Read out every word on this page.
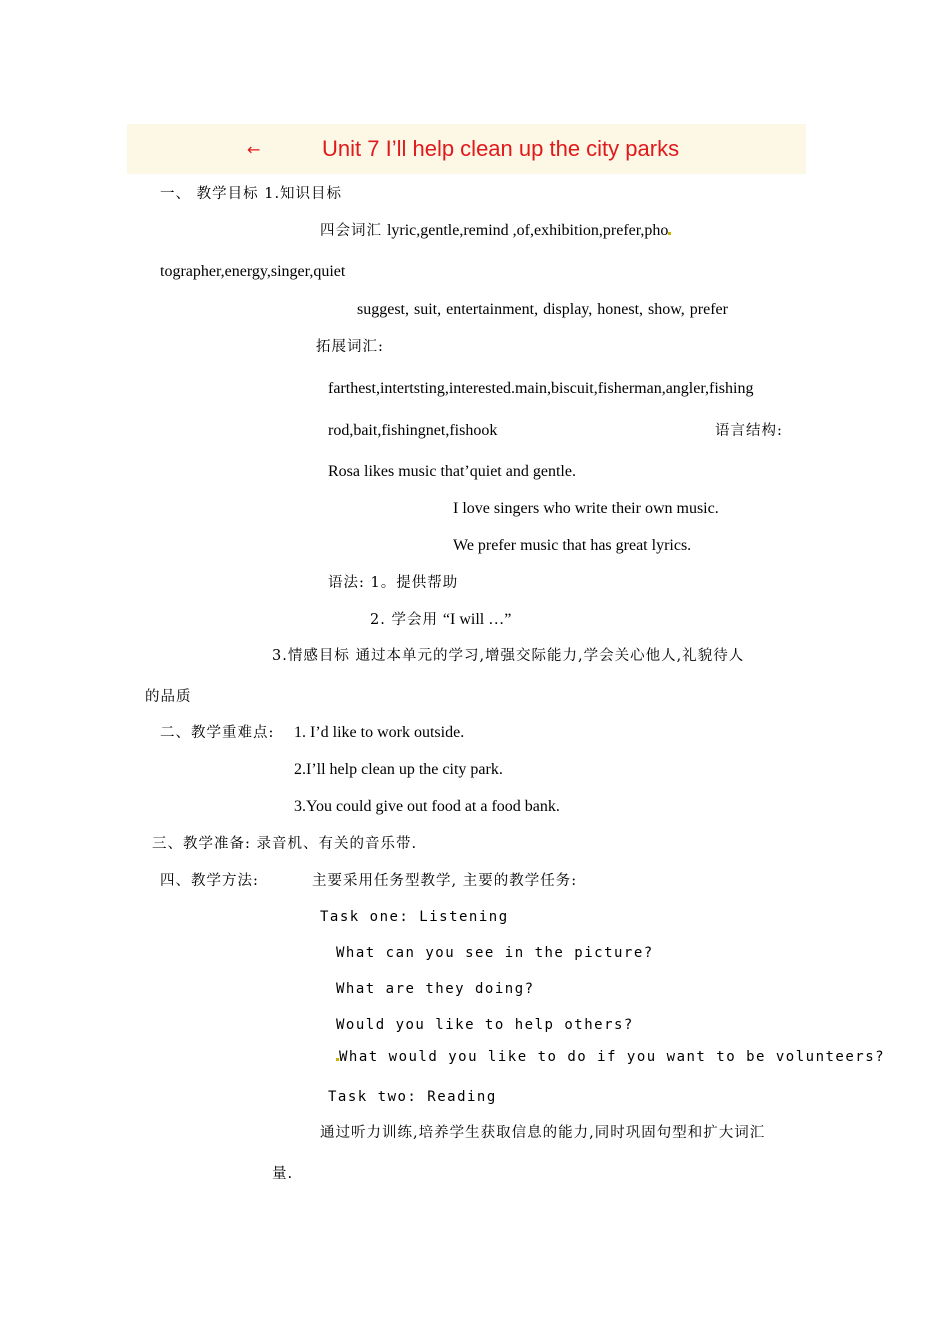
←	Unit 7 I’ll help clean up the city parks
一、 教学目标 1.知识目标
四会词汇 lyric,gentle,remind ,of,exhibition,prefer,pho
tographer,energy,singer,quiet
suggest, suit, entertainment, display, honest, show, prefer
拓展词汇:
farthest,intertsting,interested.main,biscuit,fisherman,angler,fishing
rod,bait,fishingnet,fishook	语言结构:
Rosa likes music that’quiet and gentle.
I love singers who write their own music.
We prefer music that has great lyrics.
语法: 1。提供帮助
2. 学会用 “I will …”
3.情感目标 通过本单元的学习,增强交际能力,学会关心他人,礼貌待人
的品质
二、教学重难点: 1. I’d like to work outside.
2.I’ll help clean up the city park.
3.You could give out food at a food bank.
三、教学准备: 录音机、有关的音乐带.
四、教学方法:	主要采用任务型教学, 主要的教学任务:
Task one: Listening
What can you see in the picture?
What are they doing?
Would you like to help others?
What would you like to do if you want to be volunteers?
Task two: Reading
通过听力训练,培养学生获取信息的能力,同时巩固句型和扩大词汇
量.
